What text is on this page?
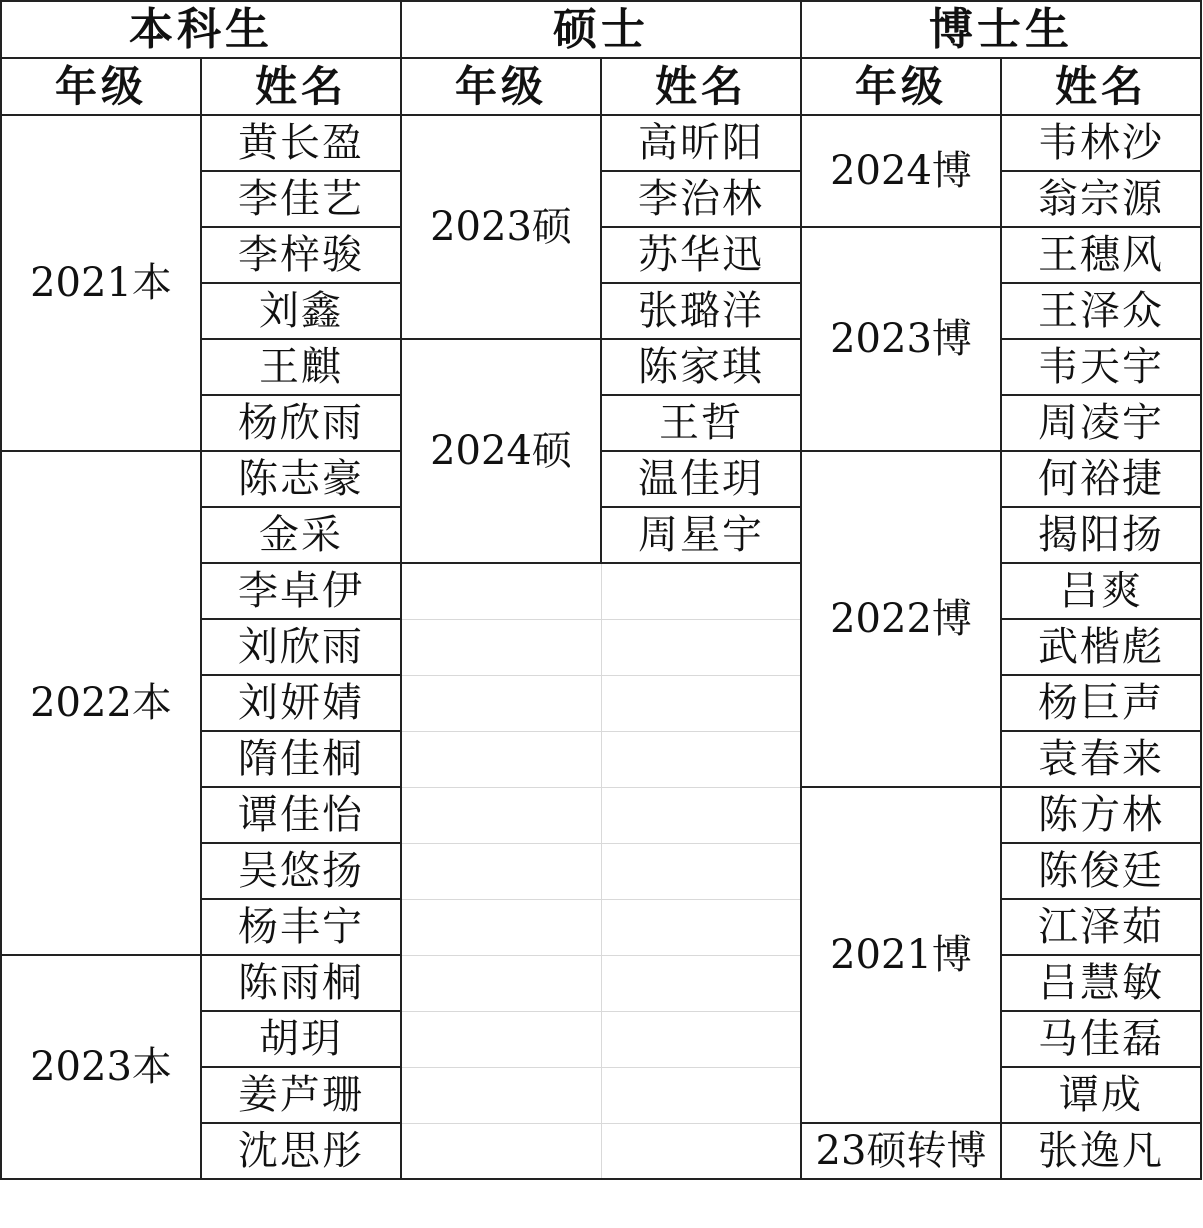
本科生		硕士		博士生	
年级	姓名	年级	姓名	年级	姓名
2021本	黄长盈	2023硕	高昕阳	2024博	韦林沙
	李佳艺		李治林		翁宗源
	李梓骏		苏华迅	2023博	王穗风
	刘鑫		张璐洋		王泽众
	王麒	2024硕	陈家琪		韦天宇
	杨欣雨		王哲		周凌宇
2022本	陈志豪		温佳玥	2022博	何裕捷
	金采		周星宇		揭阳扬
	李卓伊				吕爽
	刘欣雨				武楷彪
	刘妍婧				杨巨声
	隋佳桐				袁春来
	谭佳怡			2021博	陈方林
	吴悠扬				陈俊廷
	杨丰宁				江泽茹
2023本	陈雨桐				吕慧敏
	胡玥				马佳磊
	姜芦珊				谭成
	沈思彤			23硕转博	张逸凡
